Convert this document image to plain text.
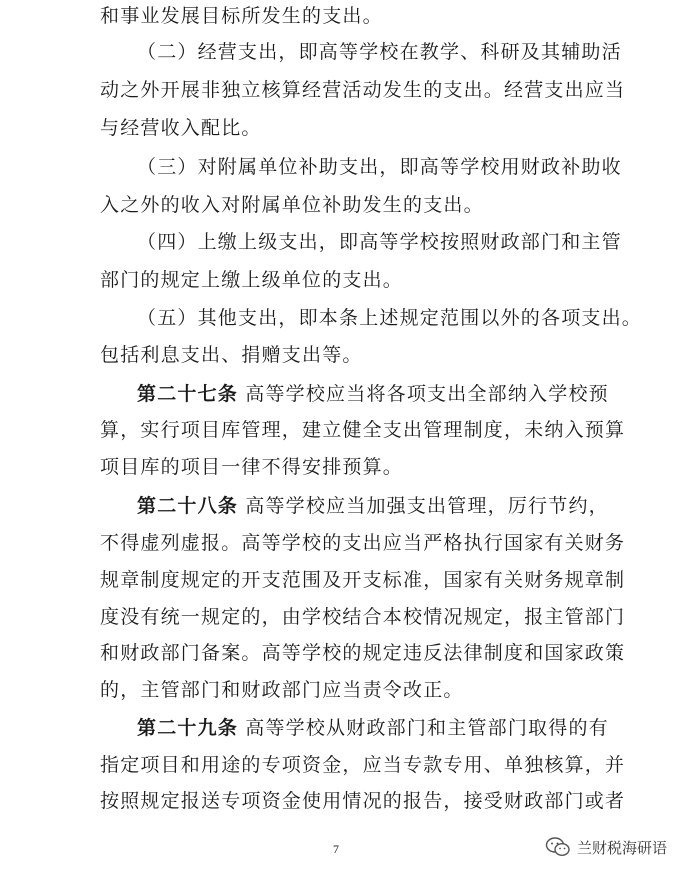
和事业发展目标所发生的支出。
（二）经营支出，即高等学校在教学、科研及其辅助活
动之外开展非独立核算经营活动发生的支出。经营支出应当
与经营收入配比。
（三）对附属单位补助支出，即高等学校用财政补助收
入之外的收入对附属单位补助发生的支出。
（四）上缴上级支出，即高等学校按照财政部门和主管
部门的规定上缴上级单位的支出。
（五）其他支出，即本条上述规定范围以外的各项支出。
包括利息支出、捐赠支出等。
第二十七条 高等学校应当将各项支出全部纳入学校预
算，实行项目库管理，建立健全支出管理制度，未纳入预算
项目库的项目一律不得安排预算。
第二十八条 高等学校应当加强支出管理，厉行节约，
不得虚列虚报。高等学校的支出应当严格执行国家有关财务
规章制度规定的开支范围及开支标准，国家有关财务规章制
度没有统一规定的，由学校结合本校情况规定，报主管部门
和财政部门备案。高等学校的规定违反法律制度和国家政策
的，主管部门和财政部门应当责令改正。
第二十九条 高等学校从财政部门和主管部门取得的有
指定项目和用途的专项资金，应当专款专用、单独核算，并
按照规定报送专项资金使用情况的报告，接受财政部门或者
7	兰财税海研语
